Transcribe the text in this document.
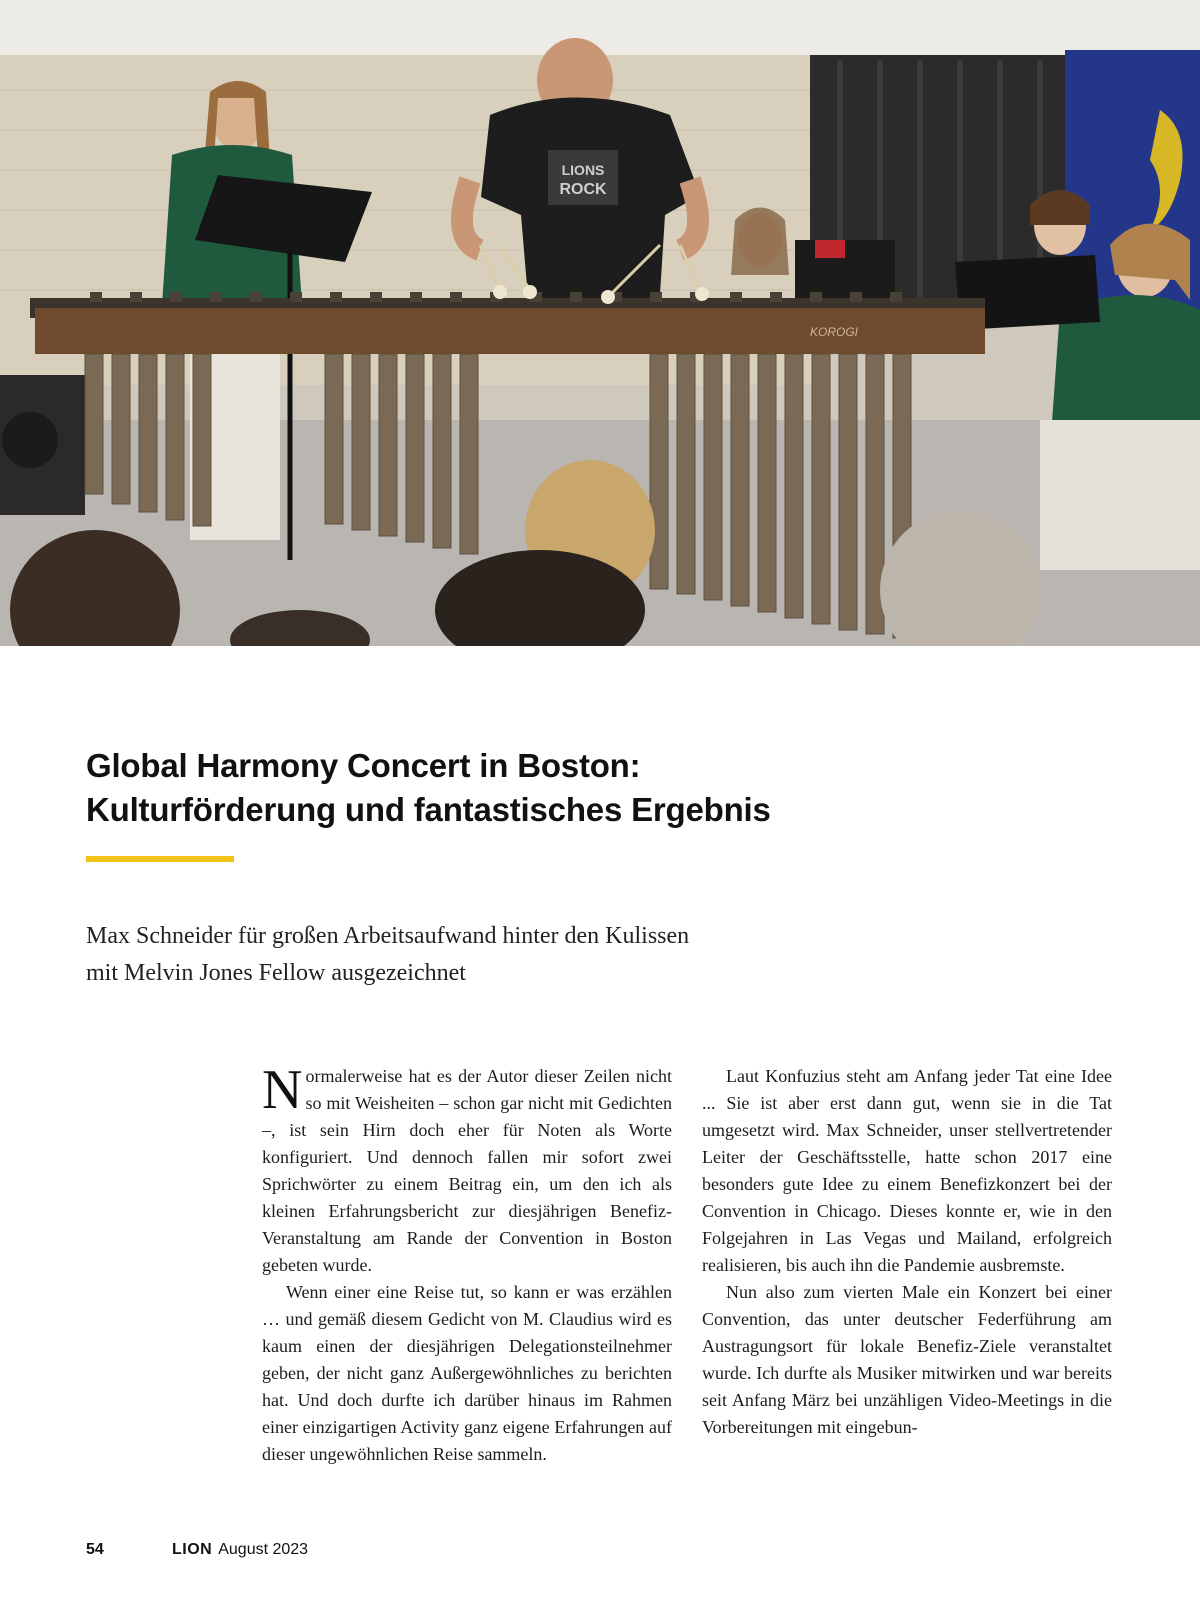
LIONS
ROCK
KOROGI
Global Harmony Concert in Boston:
Kulturförderung und fantastisches Ergebnis
Max Schneider für großen Arbeitsaufwand hinter den Kulissen
mit Melvin Jones Fellow ausgezeichnet

Normalerweise hat es der Autor dieser Zeilen nicht so mit Weisheiten – schon gar nicht mit Gedichten –, ist sein Hirn doch eher für Noten als Worte konfiguriert. Und dennoch fallen mir sofort zwei Sprichwörter zu einem Beitrag ein, um den ich als kleinen Erfahrungsbericht zur diesjährigen Benefiz-Veranstaltung am Rande der Convention in Boston gebeten wurde.

Wenn einer eine Reise tut, so kann er was erzählen … und gemäß diesem Gedicht von M. Claudius wird es kaum einen der diesjährigen Delegationsteilnehmer geben, der nicht ganz Außergewöhnliches zu berichten hat. Und doch durfte ich darüber hinaus im Rahmen einer einzigartigen Activity ganz eigene Erfahrungen auf dieser ungewöhnlichen Reise sammeln.

Laut Konfuzius steht am Anfang jeder Tat eine Idee ... Sie ist aber erst dann gut, wenn sie in die Tat umgesetzt wird. Max Schneider, unser stellvertretender Leiter der Geschäftsstelle, hatte schon 2017 eine besonders gute Idee zu einem Benefizkonzert bei der Convention in Chicago. Dieses konnte er, wie in den Folgejahren in Las Vegas und Mailand, erfolgreich realisieren, bis auch ihn die Pandemie ausbremste.

Nun also zum vierten Male ein Konzert bei einer Convention, das unter deutscher Federführung am Austragungsort für lokale Benefiz-Ziele veranstaltet wurde. Ich durfte als Musiker mitwirken und war bereits seit Anfang März bei unzähligen Video-Meetings in die Vorbereitungen mit eingebun-

54	LION August 2023
